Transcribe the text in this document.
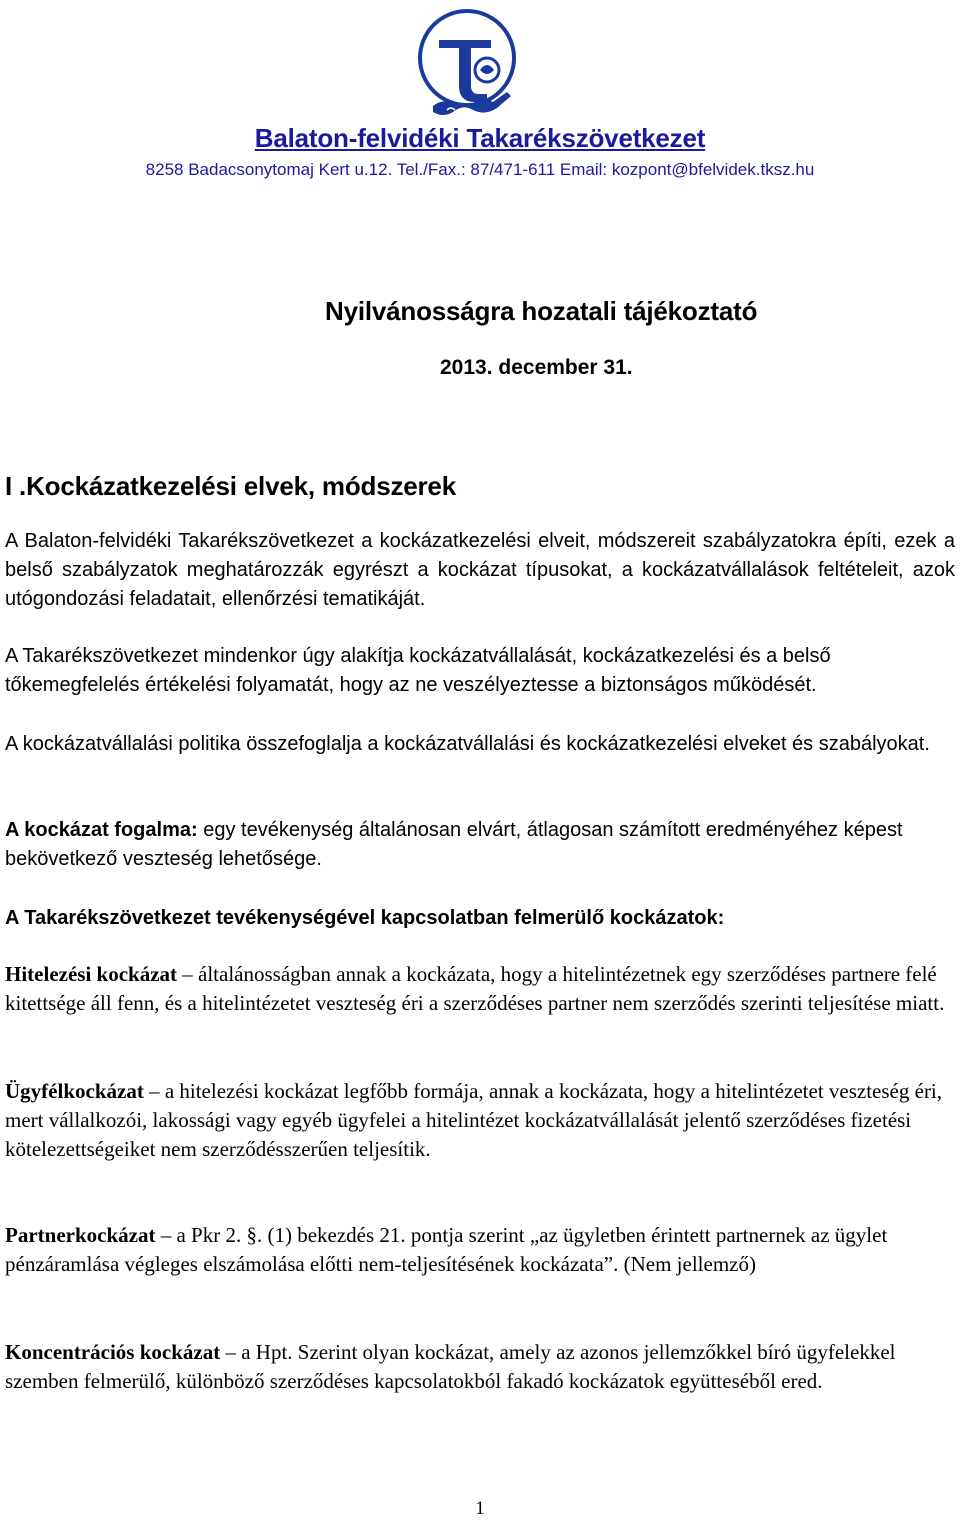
Balaton-felvidéki Takarékszövetkezet
8258 Badacsonytomaj Kert u.12. Tel./Fax.: 87/471-611 Email: kozpont@bfelvidek.tksz.hu
Nyilvánosságra hozatali tájékoztató
2013. december 31.
I .Kockázatkezelési elvek, módszerek

A Balaton-felvidéki Takarékszövetkezet a kockázatkezelési elveit, módszereit szabályzatokra építi, ezek a belső szabályzatok meghatározzák egyrészt a kockázat típusokat, a kockázatvállalások feltételeit, azok utógondozási feladatait, ellenőrzési tematikáját.

A Takarékszövetkezet mindenkor úgy alakítja kockázatvállalását, kockázatkezelési és a belső tőkemegfelelés értékelési folyamatát, hogy az ne veszélyeztesse a biztonságos működését.

A kockázatvállalási politika összefoglalja a kockázatvállalási és kockázatkezelési elveket és szabályokat.

A kockázat fogalma: egy tevékenység általánosan elvárt, átlagosan számított eredményéhez képest bekövetkező veszteség lehetősége.

A Takarékszövetkezet tevékenységével kapcsolatban felmerülő kockázatok:

Hitelezési kockázat – általánosságban annak a kockázata, hogy a hitelintézetnek egy szerződéses partnere felé kitettsége áll fenn, és a hitelintézetet veszteség éri a szerződéses partner nem szerződés szerinti teljesítése miatt.

Ügyfélkockázat – a hitelezési kockázat legfőbb formája, annak a kockázata, hogy a hitelintézetet veszteség éri, mert vállalkozói, lakossági vagy egyéb ügyfelei a hitelintézet kockázatvállalását jelentő szerződéses fizetési kötelezettségeiket nem szerződésszerűen teljesítik.

Partnerkockázat – a Pkr 2. §. (1) bekezdés 21. pontja szerint „az ügyletben érintett partnernek az ügylet pénzáramlása végleges elszámolása előtti nem-teljesítésének kockázata”. (Nem jellemző)

Koncentrációs kockázat – a Hpt. Szerint olyan kockázat, amely az azonos jellemzőkkel bíró ügyfelekkel szemben felmerülő, különböző szerződéses kapcsolatokból fakadó kockázatok együtteséből ered.

1
